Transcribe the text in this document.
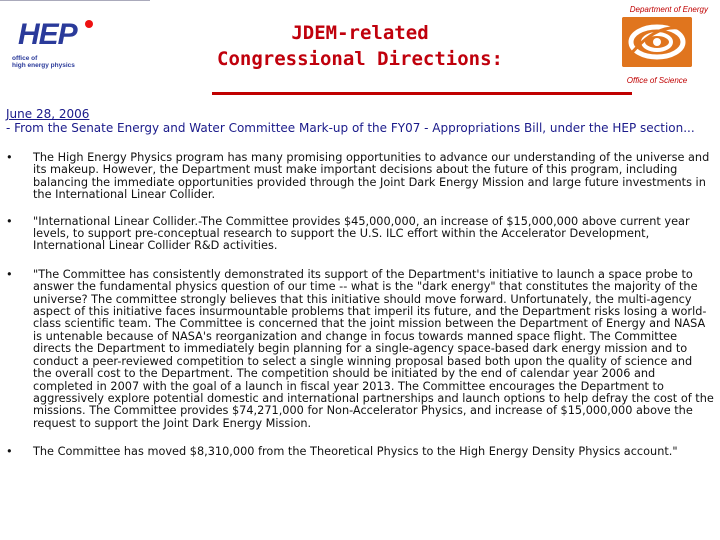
HEP
office of
high energy physics
JDEM-related
Congressional Directions:
Department of Energy
Office of Science
June 28, 2006
- From the Senate Energy and Water Committee Mark-up of the FY07 - Appropriations Bill, under the HEP section...
• The High Energy Physics program has many promising opportunities to advance our understanding of the universe and its makeup. However, the Department must make important decisions about the future of this program, including balancing the immediate opportunities provided through the Joint Dark Energy Mission and large future investments in the International Linear Collider.
• "International Linear Collider.-The Committee provides $45,000,000, an increase of $15,000,000 above current year levels, to support pre-conceptual research to support the U.S. ILC effort within the Accelerator Development, International Linear Collider R&D activities.
• "The Committee has consistently demonstrated its support of the Department's initiative to launch a space probe to answer the fundamental physics question of our time -- what is the "dark energy" that constitutes the majority of the universe? The committee strongly believes that this initiative should move forward. Unfortunately, the multi-agency aspect of this initiative faces insurmountable problems that imperil its future, and the Department risks losing a world-class scientific team. The Committee is concerned that the joint mission between the Department of Energy and NASA is untenable because of NASA's reorganization and change in focus towards manned space flight. The Committee directs the Department to immediately begin planning for a single-agency space-based dark energy mission and to conduct a peer-reviewed competition to select a single winning proposal based both upon the quality of science and the overall cost to the Department. The competition should be initiated by the end of calendar year 2006 and completed in 2007 with the goal of a launch in fiscal year 2013. The Committee encourages the Department to aggressively explore potential domestic and international partnerships and launch options to help defray the cost of the missions. The Committee provides $74,271,000 for Non-Accelerator Physics, and increase of $15,000,000 above the request to support the Joint Dark Energy Mission.
• The Committee has moved $8,310,000 from the Theoretical Physics to the High Energy Density Physics account."
